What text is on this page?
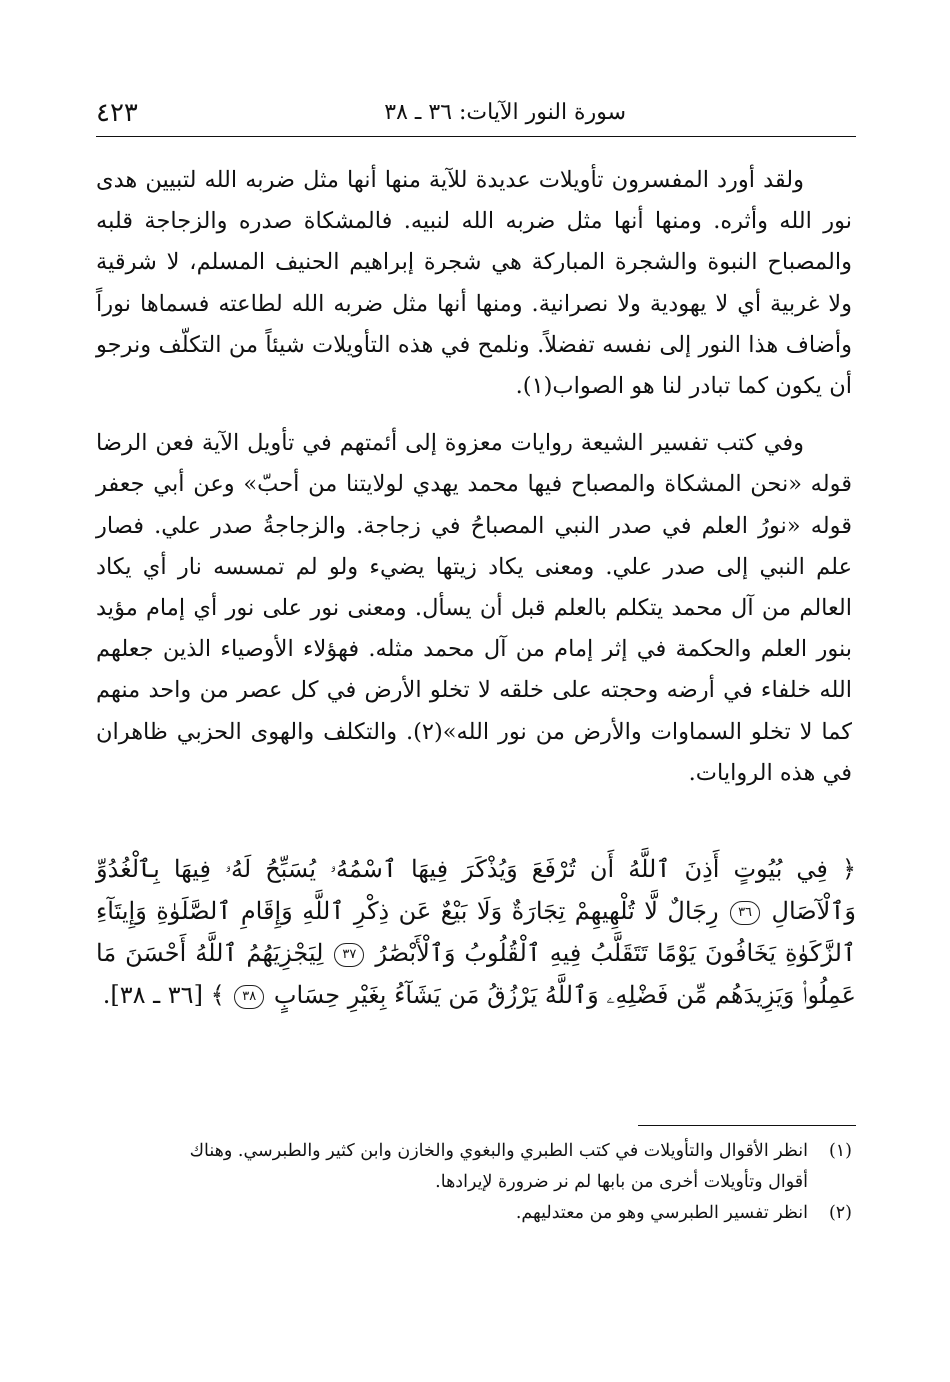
سورة النور الآيات: ٣٦ ـ ٣٨
٤٢٣

ولقد أورد المفسرون تأويلات عديدة للآية منها أنها مثل ضربه الله لتبيين هدى نور الله وأثره. ومنها أنها مثل ضربه الله لنبيه. فالمشكاة صدره والزجاجة قلبه والمصباح النبوة والشجرة المباركة هي شجرة إبراهيم الحنيف المسلم، لا شرقية ولا غربية أي لا يهودية ولا نصرانية. ومنها أنها مثل ضربه الله لطاعته فسماها نوراً وأضاف هذا النور إلى نفسه تفضلاً. ونلمح في هذه التأويلات شيئاً من التكلّف ونرجو أن يكون كما تبادر لنا هو الصواب(١).

وفي كتب تفسير الشيعة روايات معزوة إلى أئمتهم في تأويل الآية فعن الرضا قوله «نحن المشكاة والمصباح فيها محمد يهدي لولايتنا من أحبّ» وعن أبي جعفر قوله «نورُ العلم في صدر النبي المصباحُ في زجاجة. والزجاجةُ صدر علي. فصار علم النبي إلى صدر علي. ومعنى يكاد زيتها يضيء ولو لم تمسسه نار أي يكاد العالم من آل محمد يتكلم بالعلم قبل أن يسأل. ومعنى نور على نور أي إمام مؤيد بنور العلم والحكمة في إثر إمام من آل محمد مثله. فهؤلاء الأوصياء الذين جعلهم الله خلفاء في أرضه وحجته على خلقه لا تخلو الأرض في كل عصر من واحد منهم كما لا تخلو السماوات والأرض من نور الله»(٢). والتكلف والهوى الحزبي ظاهران في هذه الروايات.

﴿ فِي بُيُوتٍ أَذِنَ ٱللَّهُ أَن تُرْفَعَ وَيُذْكَرَ فِيهَا ٱسْمُهُۥ يُسَبِّحُ لَهُۥ فِيهَا بِٱلْغُدُوِّ وَٱلْآصَالِ ٣٦ رِجَالٌ لَّا تُلْهِيهِمْ تِجَارَةٌ وَلَا بَيْعٌ عَن ذِكْرِ ٱللَّهِ وَإِقَامِ ٱلصَّلَوٰةِ وَإِيتَآءِ ٱلزَّكَوٰةِ يَخَافُونَ يَوْمًا تَتَقَلَّبُ فِيهِ ٱلْقُلُوبُ وَٱلْأَبْصَٰرُ ٣٧ لِيَجْزِيَهُمُ ٱللَّهُ أَحْسَنَ مَا عَمِلُوا۟ وَيَزِيدَهُم مِّن فَضْلِهِۦ وَٱللَّهُ يَرْزُقُ مَن يَشَآءُ بِغَيْرِ حِسَابٍ ٣٨ ﴾ [٣٦ ـ ٣٨].

(١)انظر الأقوال والتأويلات في كتب الطبري والبغوي والخازن وابن كثير والطبرسي. وهناك
أقوال وتأويلات أخرى من بابها لم نر ضرورة لإيرادها.

(٢)انظر تفسير الطبرسي وهو من معتدليهم.
